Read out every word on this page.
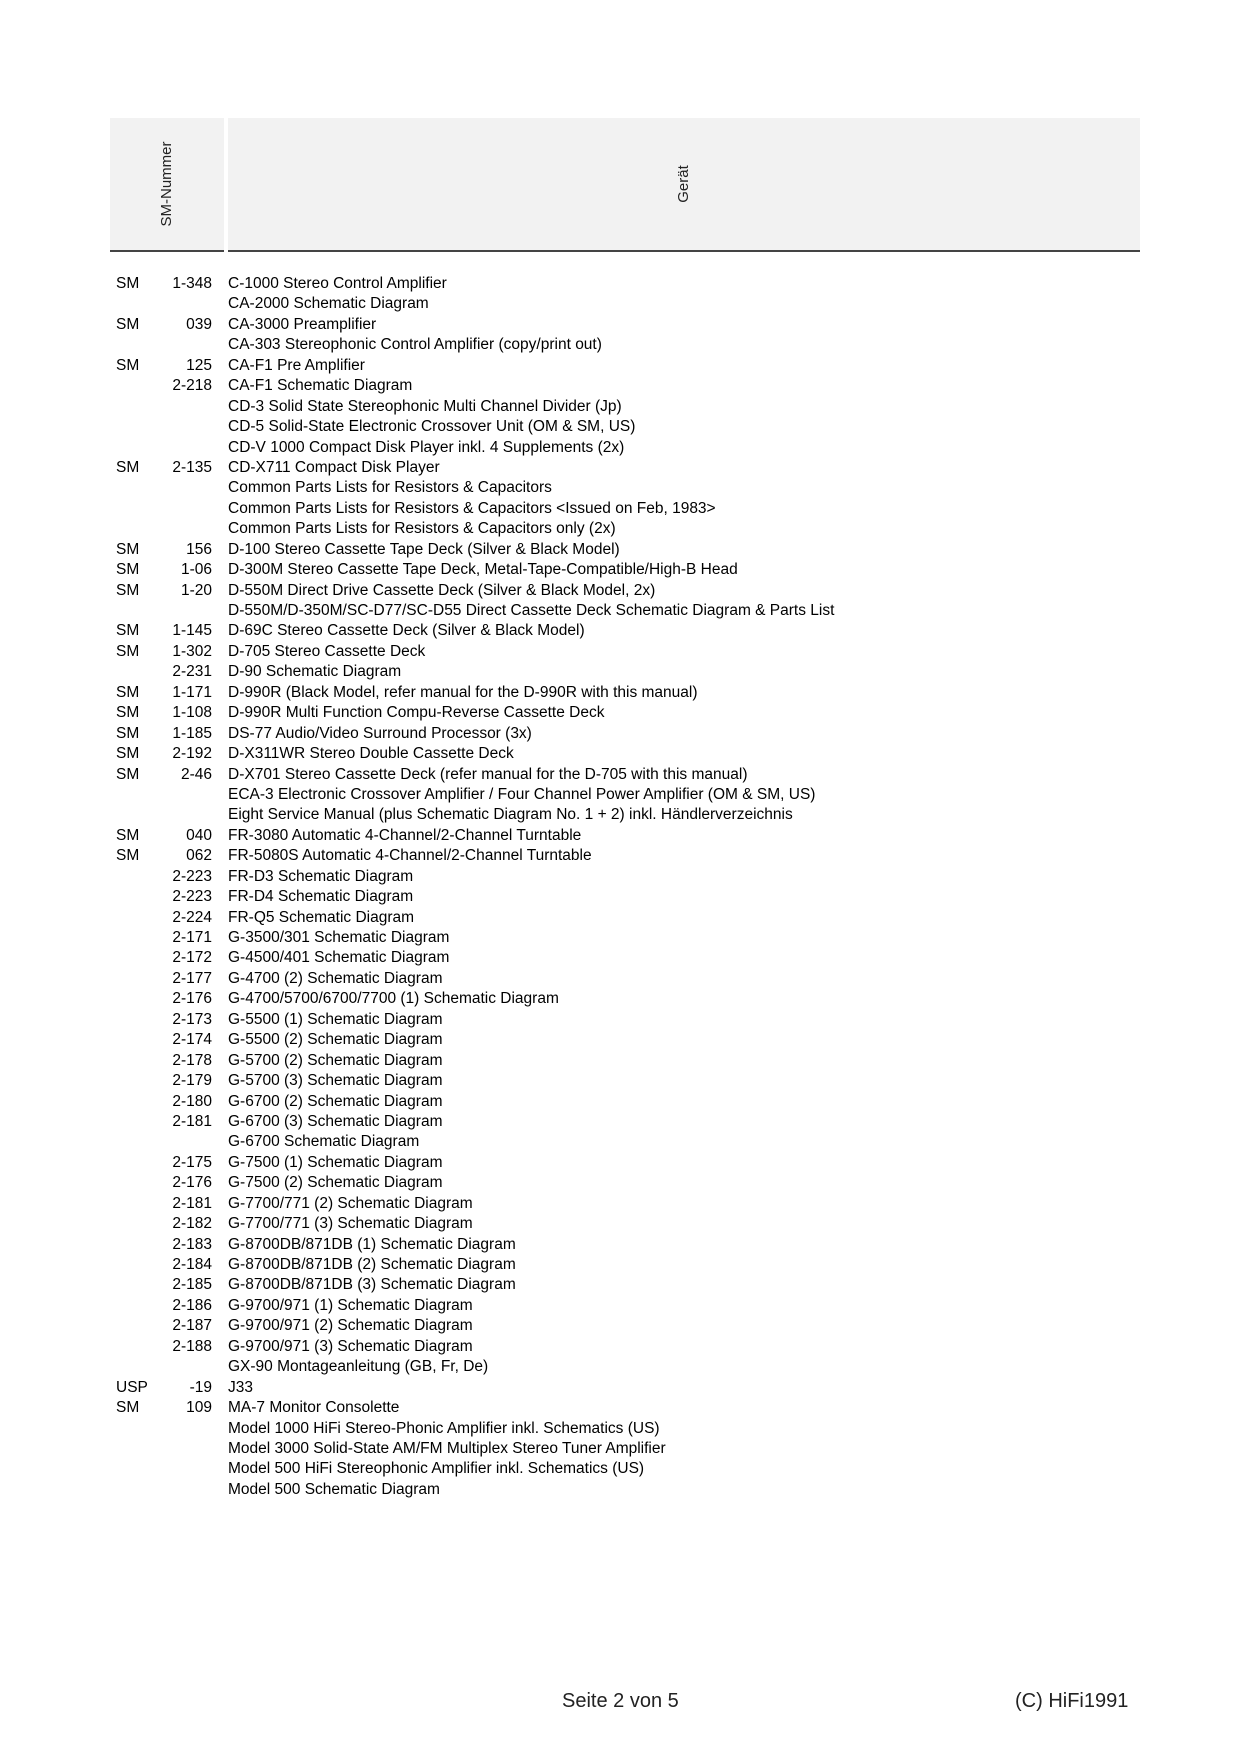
SM-Nummer	Gerät
SM	1-348 C-1000 Stereo Control Amplifier
CA-2000 Schematic Diagram
SM	039 CA-3000 Preamplifier
CA-303 Stereophonic Control Amplifier (copy/print out)
SM	125 CA-F1 Pre Amplifier
2-218 CA-F1 Schematic Diagram
CD-3 Solid State Stereophonic Multi Channel Divider (Jp)
CD-5 Solid-State Electronic Crossover Unit (OM & SM, US)
CD-V 1000 Compact Disk Player inkl. 4 Supplements (2x)
SM	2-135 CD-X711 Compact Disk Player
Common Parts Lists for Resistors & Capacitors
Common Parts Lists for Resistors & Capacitors <Issued on Feb, 1983>
Common Parts Lists for Resistors & Capacitors only (2x)
SM	156 D-100 Stereo Cassette Tape Deck (Silver & Black Model)
SM	1-06 D-300M Stereo Cassette Tape Deck, Metal-Tape-Compatible/High-B Head
SM	1-20 D-550M Direct Drive Cassette Deck (Silver & Black Model, 2x)
D-550M/D-350M/SC-D77/SC-D55 Direct Cassette Deck Schematic Diagram & Parts List
SM	1-145 D-69C Stereo Cassette Deck (Silver & Black Model)
SM	1-302 D-705 Stereo Cassette Deck
2-231 D-90 Schematic Diagram
SM	1-171 D-990R (Black Model, refer manual for the D-990R with this manual)
SM	1-108 D-990R Multi Function Compu-Reverse Cassette Deck
SM	1-185 DS-77 Audio/Video Surround Processor (3x)
SM	2-192 D-X311WR Stereo Double Cassette Deck
SM	2-46 D-X701 Stereo Cassette Deck (refer manual for the D-705 with this manual)
ECA-3 Electronic Crossover Amplifier / Four Channel Power Amplifier (OM & SM, US)
Eight Service Manual (plus Schematic Diagram No. 1 + 2) inkl. Händlerverzeichnis
SM	040 FR-3080 Automatic 4-Channel/2-Channel Turntable
SM	062 FR-5080S Automatic 4-Channel/2-Channel Turntable
2-223 FR-D3 Schematic Diagram
2-223 FR-D4 Schematic Diagram
2-224 FR-Q5 Schematic Diagram
2-171 G-3500/301 Schematic Diagram
2-172 G-4500/401 Schematic Diagram
2-177 G-4700 (2) Schematic Diagram
2-176 G-4700/5700/6700/7700 (1) Schematic Diagram
2-173 G-5500 (1) Schematic Diagram
2-174 G-5500 (2) Schematic Diagram
2-178 G-5700 (2) Schematic Diagram
2-179 G-5700 (3) Schematic Diagram
2-180 G-6700 (2) Schematic Diagram
2-181 G-6700 (3) Schematic Diagram
G-6700 Schematic Diagram
2-175 G-7500 (1) Schematic Diagram
2-176 G-7500 (2) Schematic Diagram
2-181 G-7700/771 (2) Schematic Diagram
2-182 G-7700/771 (3) Schematic Diagram
2-183 G-8700DB/871DB (1) Schematic Diagram
2-184 G-8700DB/871DB (2) Schematic Diagram
2-185 G-8700DB/871DB (3) Schematic Diagram
2-186 G-9700/971 (1) Schematic Diagram
2-187 G-9700/971 (2) Schematic Diagram
2-188 G-9700/971 (3) Schematic Diagram
GX-90 Montageanleitung (GB, Fr, De)
USP	-19 J33
SM	109 MA-7 Monitor Consolette
Model 1000 HiFi Stereo-Phonic Amplifier inkl. Schematics (US)
Model 3000 Solid-State AM/FM Multiplex Stereo Tuner Amplifier
Model 500 HiFi Stereophonic Amplifier inkl. Schematics (US)
Model 500 Schematic Diagram
Seite 2 von 5	(C) HiFi1991
